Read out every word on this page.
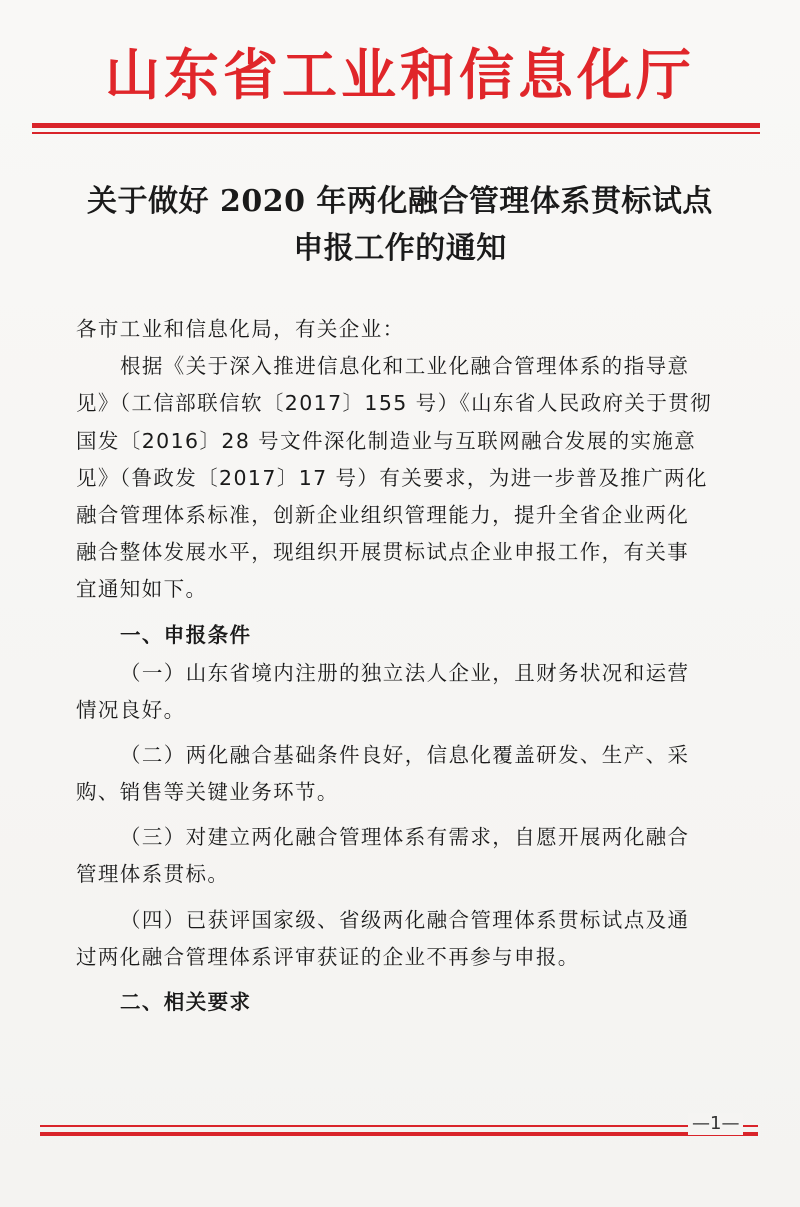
山东省工业和信息化厅
关于做好 2020 年两化融合管理体系贯标试点
申报工作的通知
各市工业和信息化局，有关企业：
根据《关于深入推进信息化和工业化融合管理体系的指导意
见》（工信部联信软〔2017〕155 号）《山东省人民政府关于贯彻
国发〔2016〕28 号文件深化制造业与互联网融合发展的实施意
见》（鲁政发〔2017〕17 号）有关要求，为进一步普及推广两化
融合管理体系标准，创新企业组织管理能力，提升全省企业两化
融合整体发展水平，现组织开展贯标试点企业申报工作，有关事
宜通知如下。
一、申报条件
（一）山东省境内注册的独立法人企业，且财务状况和运营
情况良好。
（二）两化融合基础条件良好，信息化覆盖研发、生产、采
购、销售等关键业务环节。
（三）对建立两化融合管理体系有需求，自愿开展两化融合
管理体系贯标。
（四）已获评国家级、省级两化融合管理体系贯标试点及通
过两化融合管理体系评审获证的企业不再参与申报。
二、相关要求
—1—
